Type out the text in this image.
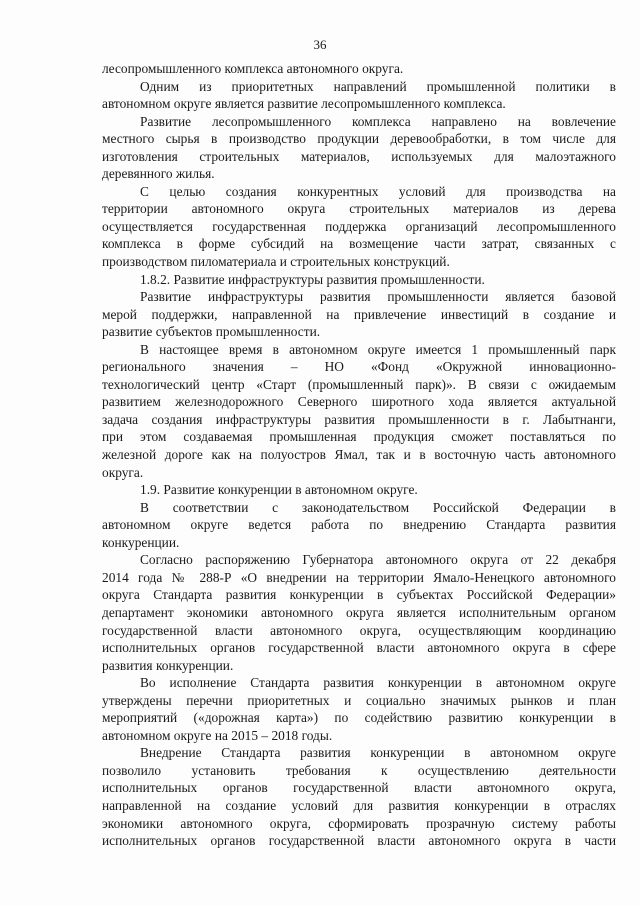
36
лесопромышленного комплекса автономного округа.
Одним из приоритетных направлений промышленной политики в
автономном округе является развитие лесопромышленного комплекса.
Развитие лесопромышленного комплекса направлено на вовлечение
местного сырья в производство продукции деревообработки, в том числе для
изготовления строительных материалов, используемых для малоэтажного
деревянного жилья.
С целью создания конкурентных условий для производства на
территории автономного округа строительных материалов из дерева
осуществляется государственная поддержка организаций лесопромышленного
комплекса в форме субсидий на возмещение части затрат, связанных с
производством пиломатериала и строительных конструкций.
1.8.2. Развитие инфраструктуры развития промышленности.
Развитие инфраструктуры развития промышленности является базовой
мерой поддержки, направленной на привлечение инвестиций в создание и
развитие субъектов промышленности.
В настоящее время в автономном округе имеется 1 промышленный парк
регионального значения – НО «Фонд «Окружной инновационно-
технологический центр «Старт (промышленный парк)». В связи с ожидаемым
развитием железнодорожного Северного широтного хода является актуальной
задача создания инфраструктуры развития промышленности в г. Лабытнанги,
при этом создаваемая промышленная продукция сможет поставляться по
железной дороге как на полуостров Ямал, так и в восточную часть автономного
округа.
1.9. Развитие конкуренции в автономном округе.
В соответствии с законодательством Российской Федерации в
автономном округе ведется работа по внедрению Стандарта развития
конкуренции.
Согласно распоряжению Губернатора автономного округа от 22 декабря
2014 года № 288-Р «О внедрении на территории Ямало-Ненецкого автономного
округа Стандарта развития конкуренции в субъектах Российской Федерации»
департамент экономики автономного округа является исполнительным органом
государственной власти автономного округа, осуществляющим координацию
исполнительных органов государственной власти автономного округа в сфере
развития конкуренции.
Во исполнение Стандарта развития конкуренции в автономном округе
утверждены перечни приоритетных и социально значимых рынков и план
мероприятий («дорожная карта») по содействию развитию конкуренции в
автономном округе на 2015 – 2018 годы.
Внедрение Стандарта развития конкуренции в автономном округе
позволило установить требования к осуществлению деятельности
исполнительных органов государственной власти автономного округа,
направленной на создание условий для развития конкуренции в отраслях
экономики автономного округа, сформировать прозрачную систему работы
исполнительных органов государственной власти автономного округа в части
